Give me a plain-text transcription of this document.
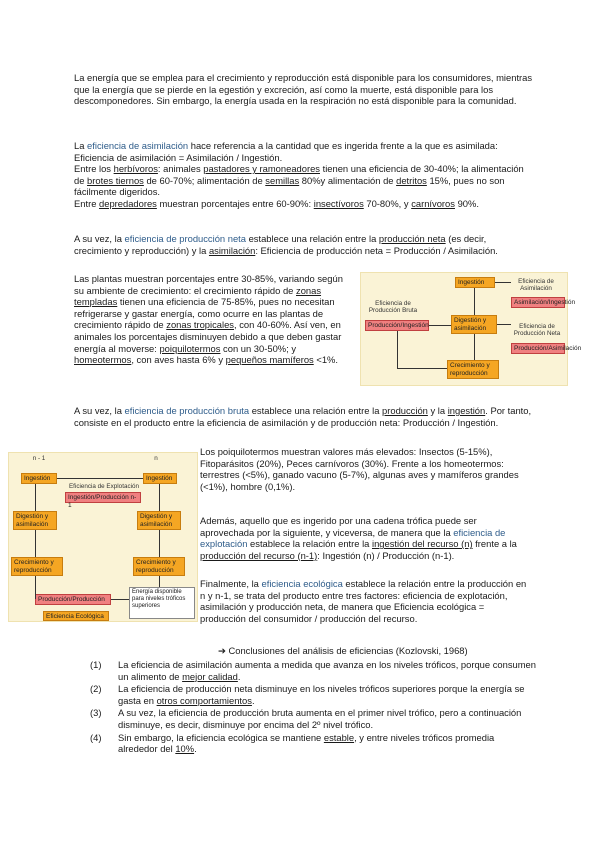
La energía que se emplea para el crecimiento y reproducción está disponible para los consumidores, mientras que la energía que se pierde en la egestión y excreción, así como la muerte, está disponible para los descomponedores. Sin embargo, la energía usada en la respiración no está disponible para la comunidad.
La eficiencia de asimilación hace referencia a la cantidad que es ingerida frente a la que es asimilada: Eficiencia de asimilación = Asimilación / Ingestión.
Entre los herbívoros: animales pastadores y ramoneadores tienen una eficiencia de 30-40%; la alimentación de brotes tiernos de 60-70%; alimentación de semillas 80%y alimentación de detritos 15%, pues no son fácilmente digeridos.
Entre depredadores muestran porcentajes entre 60-90%: insectívoros 70-80%, y carnívoros 90%.
A su vez, la eficiencia de producción neta establece una relación entre la producción neta (es decir, crecimiento y reproducción) y la asimilación: Eficiencia de producción neta = Producción / Asimilación.
Las plantas muestran porcentajes entre 30-85%, variando según su ambiente de crecimiento: el crecimiento rápido de zonas templadas tienen una eficiencia de 75-85%, pues no necesitan refrigerarse y gastar energía, como ocurre en las plantas de crecimiento rápido de zonas tropicales, con 40-60%. Así ven, en animales los porcentajes disminuyen debido a que deben gastar energía al moverse: poiquilotermos con un 30-50%; y homeotermos, con aves hasta 6% y pequeños mamíferos <1%.
Ingestión
Digestión y asimilación
Crecimiento y reproducción
Eficiencia de Producción Bruta
Producción/Ingestión
Eficiencia de Asimilación
Asimilación/Ingestión
Eficiencia de Producción Neta
Producción/Asimilación
A su vez, la eficiencia de producción bruta establece una relación entre la producción y la ingestión. Por tanto, consiste en el producto entre la eficiencia de asimilación y de producción neta: Producción / Ingestión.
n - 1	n
Ingestión
Eficiencia de Explotación
Ingestión/Producción n-1
Ingestión
Digestión y asimilación
Digestión y asimilación
Crecimiento y reproducción
Crecimiento y reproducción
Producción/Producción
Energía disponible para niveles tróficos superiores
Eficiencia Ecológica
Los poiquilotermos muestran valores más elevados: Insectos (5-15%), Fitoparásitos (20%), Peces carnívoros (30%). Frente a los homeotermos: terrestres (<5%), ganado vacuno (5-7%), algunas aves y mamíferos grandes (<1%), hombre (0,1%).
Además, aquello que es ingerido por una cadena trófica puede ser aprovechada por la siguiente, y viceversa, de manera que la eficiencia de explotación establece la relación entre la ingestión del recurso (n) frente a la producción del recurso (n-1): Ingestión (n) / Producción (n-1).
Finalmente, la eficiencia ecológica establece la relación entre la producción en n y n-1, se trata del producto entre tres factores: eficiencia de explotación, asimilación y producción neta, de manera que Eficiencia ecológica = producción del consumidor / producción del recurso.
➔ Conclusiones del análisis de eficiencias (Kozlovski, 1968)
(1) La eficiencia de asimilación aumenta a medida que avanza en los niveles tróficos, porque consumen un alimento de mejor calidad.
(2) La eficiencia de producción neta disminuye en los niveles tróficos superiores porque la energía se gasta en otros comportamientos.
(3) A su vez, la eficiencia de producción bruta aumenta en el primer nivel trófico, pero a continuación disminuye, es decir, disminuye por encima del 2º nivel trófico.
(4) Sin embargo, la eficiencia ecológica se mantiene estable, y entre niveles tróficos promedia alrededor del 10%.
